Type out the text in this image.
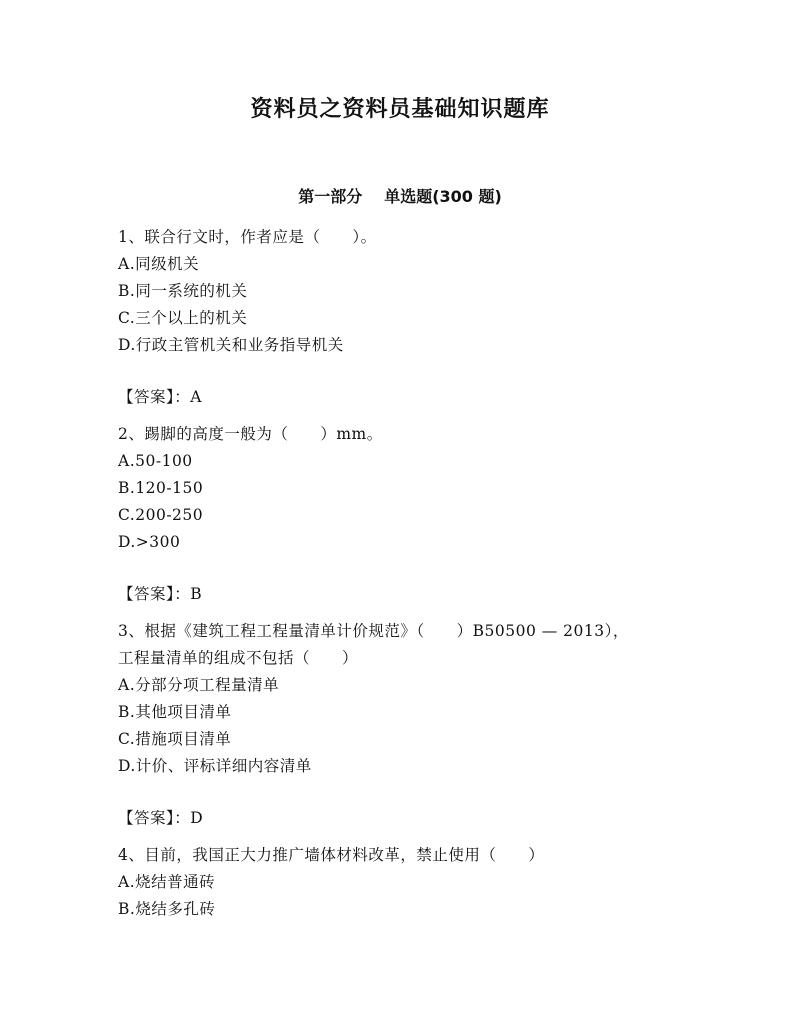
资料员之资料员基础知识题库
第一部分 单选题(300 题)
1、联合行文时，作者应是（　　）。
A.同级机关
B.同一系统的机关
C.三个以上的机关
D.行政主管机关和业务指导机关
【答案】：A
2、踢脚的高度一般为（　　）mm。
A.50-100
B.120-150
C.200-250
D.>300
【答案】：B
3、根据《建筑工程工程量清单计价规范》（　　）B50500 — 2013），
工程量清单的组成不包括（　　）
A.分部分项工程量清单
B.其他项目清单
C.措施项目清单
D.计价、评标详细内容清单
【答案】：D
4、目前，我国正大力推广墙体材料改革，禁止使用（　　）
A.烧结普通砖
B.烧结多孔砖
